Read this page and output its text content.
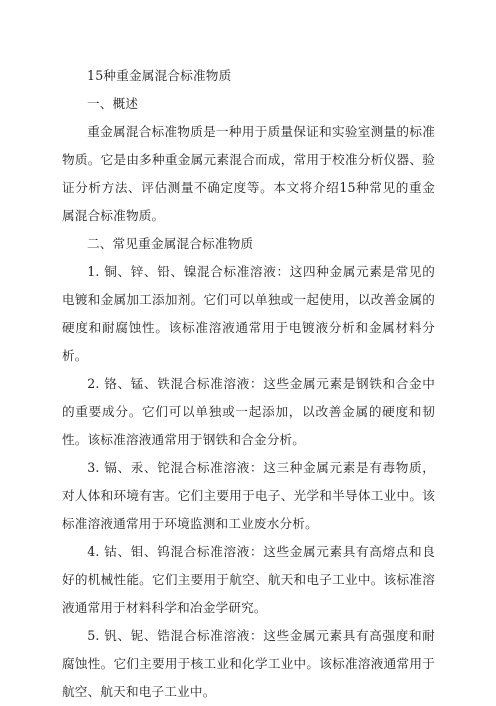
15种重金属混合标准物质

一、概述

重金属混合标准物质是一种用于质量保证和实验室测量的标准物质。它是由多种重金属元素混合而成，常用于校准分析仪器、验证分析方法、评估测量不确定度等。本文将介绍15种常见的重金属混合标准物质。

二、常见重金属混合标准物质

1. 铜、锌、铅、镍混合标准溶液：这四种金属元素是常见的电镀和金属加工添加剂。它们可以单独或一起使用，以改善金属的硬度和耐腐蚀性。该标准溶液通常用于电镀液分析和金属材料分析。

2. 铬、锰、铁混合标准溶液：这些金属元素是钢铁和合金中的重要成分。它们可以单独或一起添加，以改善金属的硬度和韧性。该标准溶液通常用于钢铁和合金分析。

3. 镉、汞、铊混合标准溶液：这三种金属元素是有毒物质，对人体和环境有害。它们主要用于电子、光学和半导体工业中。该标准溶液通常用于环境监测和工业废水分析。

4. 钴、钼、钨混合标准溶液：这些金属元素具有高熔点和良好的机械性能。它们主要用于航空、航天和电子工业中。该标准溶液通常用于材料科学和冶金学研究。

5. 钒、铌、锆混合标准溶液：这些金属元素具有高强度和耐腐蚀性。它们主要用于核工业和化学工业中。该标准溶液通常用于航空、航天和电子工业中。
